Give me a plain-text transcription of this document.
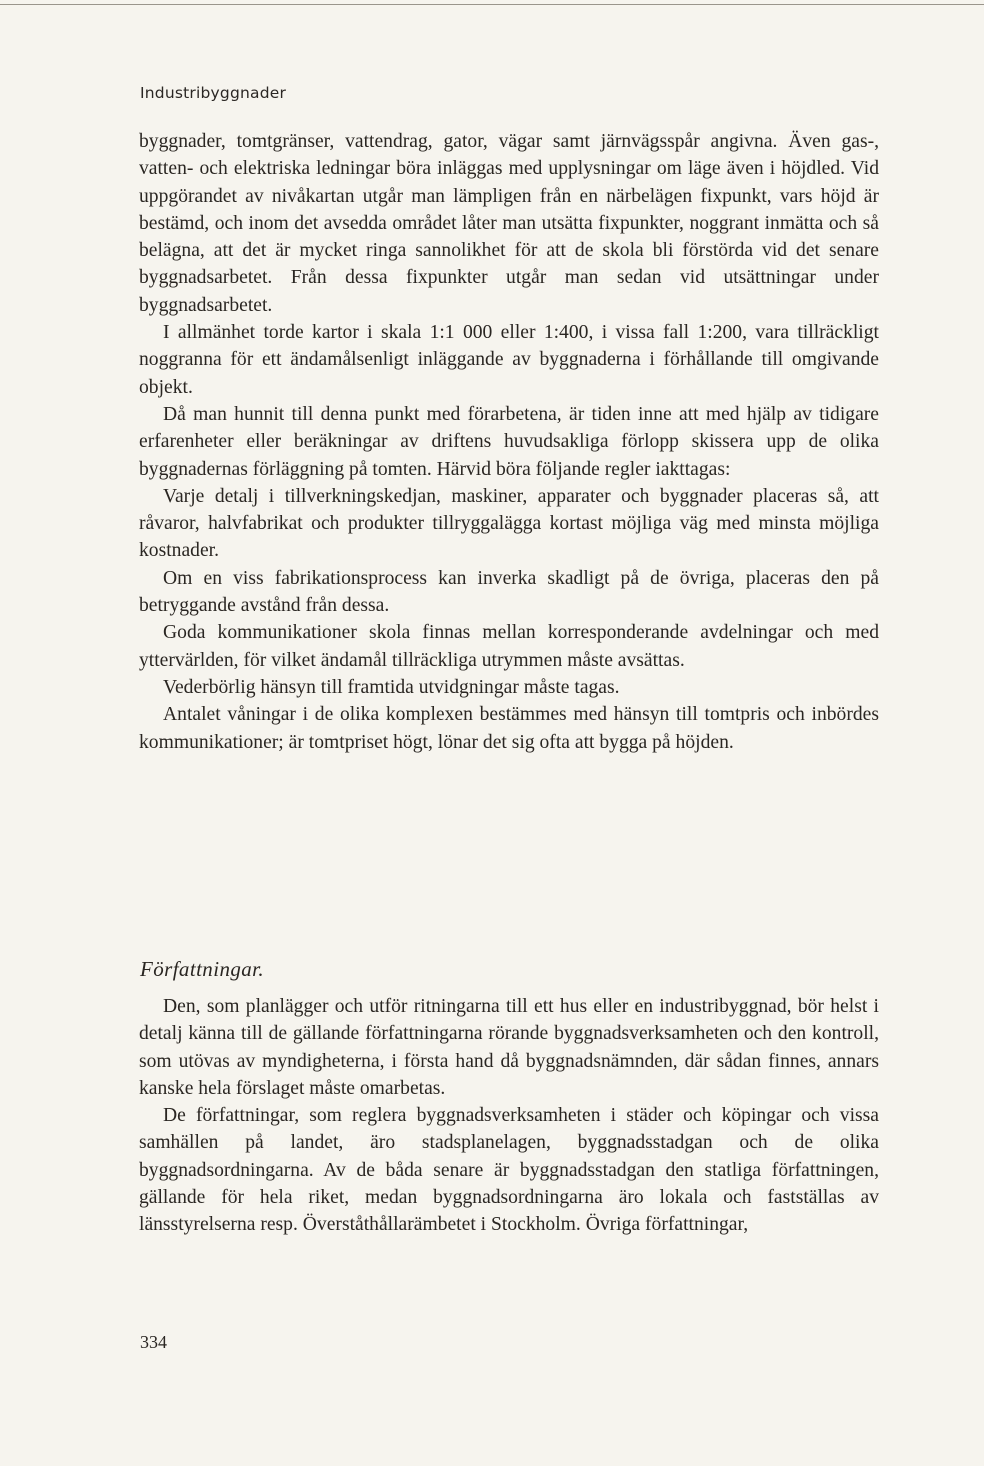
Industribyggnader

byggnader, tomtgränser, vattendrag, gator, vägar samt järnvägsspår angivna. Även gas-, vatten- och elektriska ledningar böra inläggas med upplysningar om läge även i höjdled. Vid uppgörandet av nivåkartan utgår man lämpligen från en närbelägen fixpunkt, vars höjd är bestämd, och inom det avsedda området låter man utsätta fixpunkter, noggrant inmätta och så belägna, att det är mycket ringa sannolikhet för att de skola bli förstörda vid det senare byggnadsarbetet. Från dessa fixpunkter utgår man sedan vid utsättningar under byggnadsarbetet.

I allmänhet torde kartor i skala 1:1 000 eller 1:400, i vissa fall 1:200, vara tillräckligt noggranna för ett ändamålsenligt inläggande av byggnaderna i förhållande till omgivande objekt.

Då man hunnit till denna punkt med förarbetena, är tiden inne att med hjälp av tidigare erfarenheter eller beräkningar av driftens huvudsakliga förlopp skissera upp de olika byggnadernas förläggning på tomten. Härvid böra följande regler iakttagas:

Varje detalj i tillverkningskedjan, maskiner, apparater och byggnader placeras så, att råvaror, halvfabrikat och produkter tillryggalägga kortast möjliga väg med minsta möjliga kostnader.

Om en viss fabrikationsprocess kan inverka skadligt på de övriga, placeras den på betryggande avstånd från dessa.

Goda kommunikationer skola finnas mellan korresponderande avdelningar och med yttervärlden, för vilket ändamål tillräckliga utrymmen måste avsättas.

Vederbörlig hänsyn till framtida utvidgningar måste tagas.

Antalet våningar i de olika komplexen bestämmes med hänsyn till tomtpris och inbördes kommunikationer; är tomtpriset högt, lönar det sig ofta att bygga på höjden.

Författningar.

Den, som planlägger och utför ritningarna till ett hus eller en industribyggnad, bör helst i detalj känna till de gällande författningarna rörande byggnadsverksamheten och den kontroll, som utövas av myndigheterna, i första hand då byggnadsnämnden, där sådan finnes, annars kanske hela förslaget måste omarbetas.

De författningar, som reglera byggnadsverksamheten i städer och köpingar och vissa samhällen på landet, äro stadsplanelagen, byggnadsstadgan och de olika byggnadsordningarna. Av de båda senare är byggnadsstadgan den statliga författningen, gällande för hela riket, medan byggnadsordningarna äro lokala och fastställas av länsstyrelserna resp. Överståthållarämbetet i Stockholm. Övriga författningar,

334
